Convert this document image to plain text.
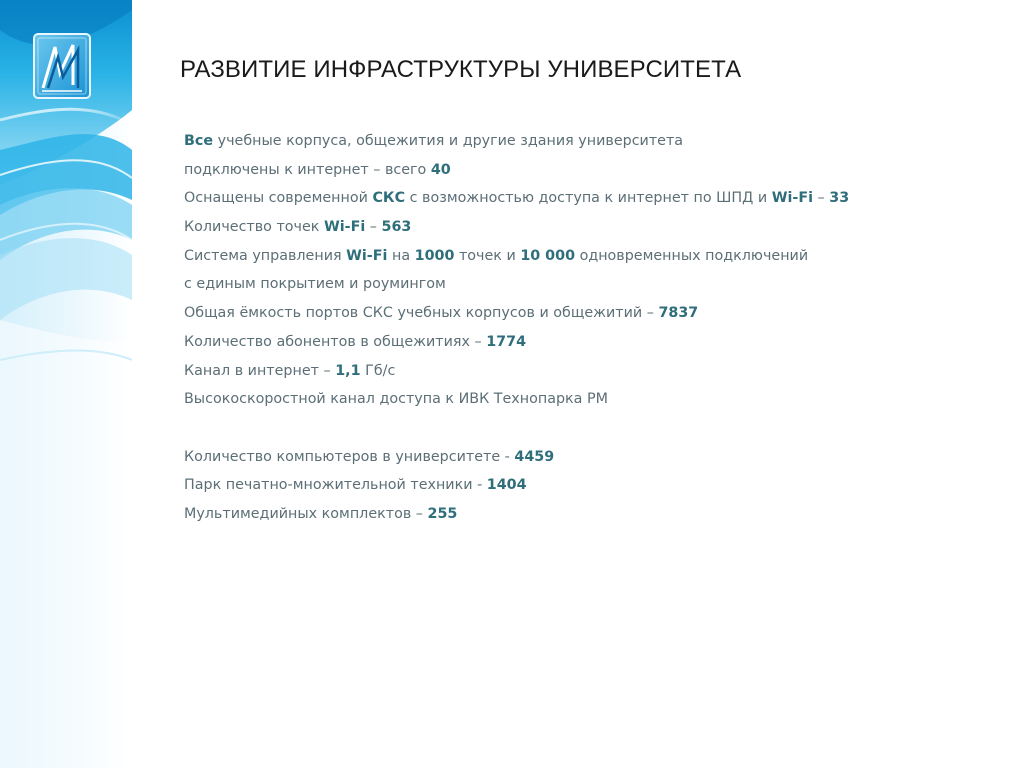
РАЗВИТИЕ ИНФРАСТРУКТУРЫ УНИВЕРСИТЕТА
Все учебные корпуса, общежития и другие здания университета
подключены к интернет – всего 40
Оснащены современной СКС с возможностью доступа к интернет по ШПД и Wi-Fi – 33
Количество точек Wi-Fi – 563
Система управления Wi-Fi на 1000 точек и 10 000 одновременных подключений
с единым покрытием и роумингом
Общая ёмкость портов СКС учебных корпусов и общежитий – 7837
Количество абонентов в общежитиях – 1774
Канал в интернет – 1,1 Гб/с
Высокоскоростной канал доступа к ИВК Технопарка РМ
Количество компьютеров в университете - 4459
Парк печатно-множительной техники - 1404
Мультимедийных комплектов – 255
